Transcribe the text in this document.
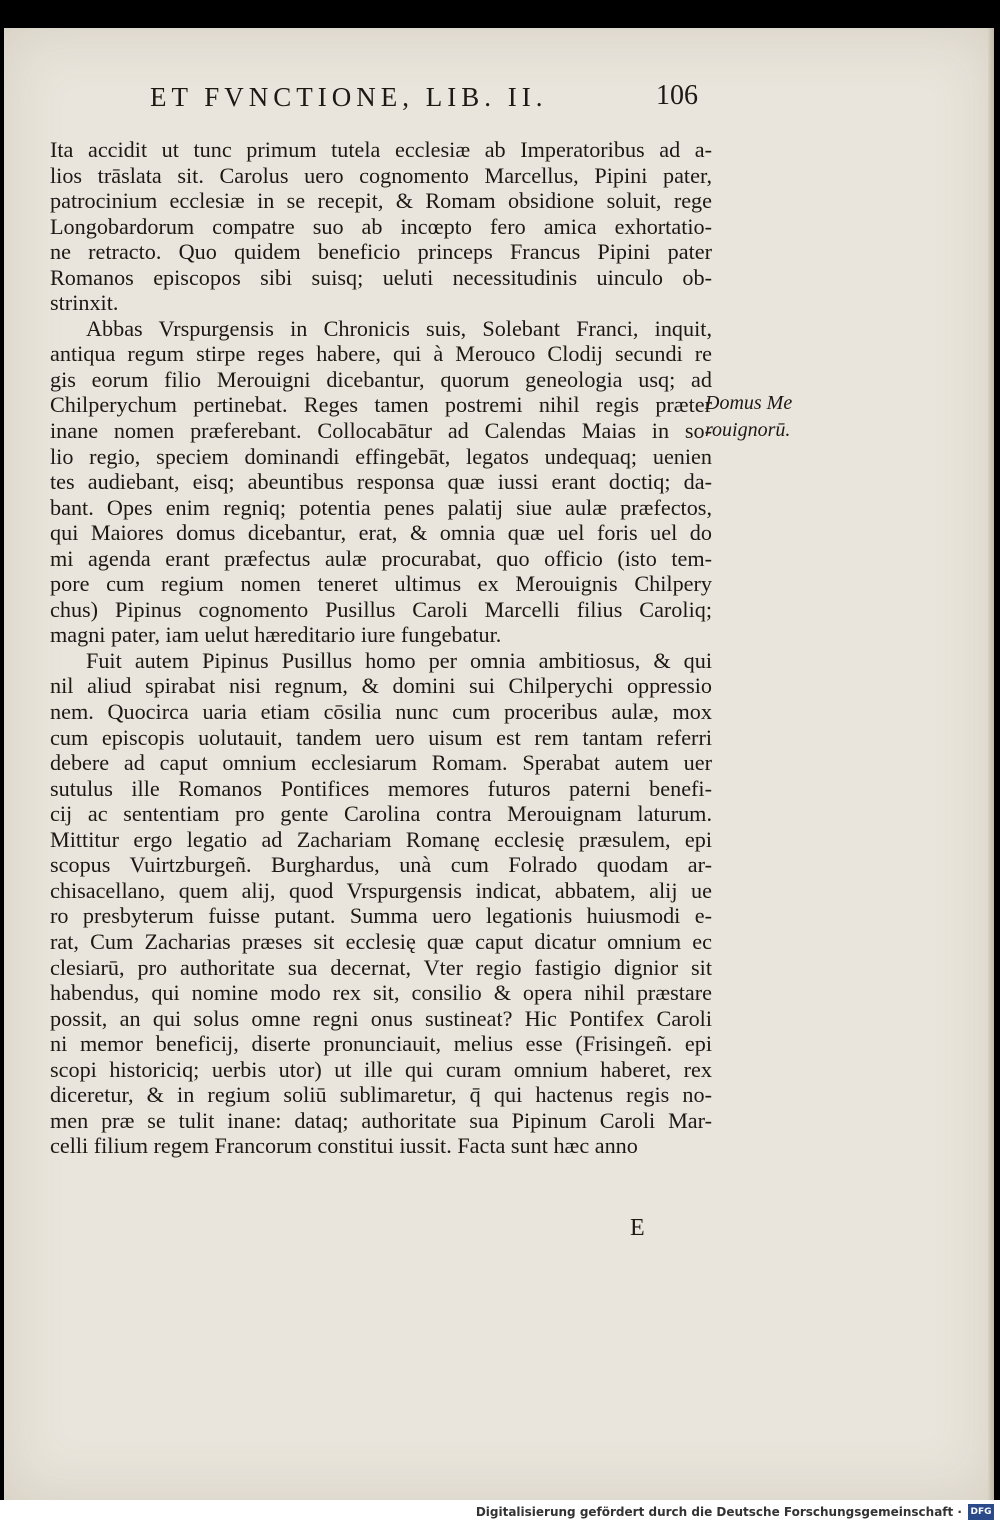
ET FVNCTIONE, LIB. II.	106
Ita accidit ut tunc primum tutela ecclesiæ ab Imperatoribus ad a-
lios trāslata sit. Carolus uero cognomento Marcellus, Pipini pater,
patrocinium ecclesiæ in se recepit, & Romam obsidione soluit, rege
Longobardorum compatre suo ab incœpto fero amica exhortatio-
ne retracto. Quo quidem beneficio princeps Francus Pipini pater
Romanos episcopos sibi suisq; ueluti necessitudinis uinculo ob-
strinxit.
Abbas Vrspurgensis in Chronicis suis, Solebant Franci, inquit,
antiqua regum stirpe reges habere, qui à Merouco Clodij secundi re
gis eorum filio Merouigni dicebantur, quorum geneologia usq; ad
Chilperychum pertinebat. Reges tamen postremi nihil regis præter
inane nomen præferebant. Collocabātur ad Calendas Maias in so-
lio regio, speciem dominandi effingebāt, legatos undequaq; uenien
tes audiebant, eisq; abeuntibus responsa quæ iussi erant doctiq; da-
bant. Opes enim regniq; potentia penes palatij siue aulæ præfectos,
qui Maiores domus dicebantur, erat, & omnia quæ uel foris uel do
mi agenda erant præfectus aulæ procurabat, quo officio (isto tem-
pore cum regium nomen teneret ultimus ex Merouignis Chilpery
chus) Pipinus cognomento Pusillus Caroli Marcelli filius Caroliq;
magni pater, iam uelut hæreditario iure fungebatur.
Fuit autem Pipinus Pusillus homo per omnia ambitiosus, & qui
nil aliud spirabat nisi regnum, & domini sui Chilperychi oppressio
nem. Quocirca uaria etiam cōsilia nunc cum proceribus aulæ, mox
cum episcopis uolutauit, tandem uero uisum est rem tantam referri
debere ad caput omnium ecclesiarum Romam. Sperabat autem uer
sutulus ille Romanos Pontifices memores futuros paterni benefi-
cij ac sententiam pro gente Carolina contra Merouignam laturum.
Mittitur ergo legatio ad Zachariam Romanę ecclesię præsulem, epi
scopus Vuirtzburgeñ. Burghardus, unà cum Folrado quodam ar-
chisacellano, quem alij, quod Vrspurgensis indicat, abbatem, alij ue
ro presbyterum fuisse putant. Summa uero legationis huiusmodi e-
rat, Cum Zacharias præses sit ecclesię quæ caput dicatur omnium ec
clesiarū, pro authoritate sua decernat, Vter regio fastigio dignior sit
habendus, qui nomine modo rex sit, consilio & opera nihil præstare
possit, an qui solus omne regni onus sustineat? Hic Pontifex Caroli
ni memor beneficij, diserte pronunciauit, melius esse (Frisingeñ. epi
scopi historiciq; uerbis utor) ut ille qui curam omnium haberet, rex
diceretur, & in regium soliū sublimaretur, q̄ qui hactenus regis no-
men præ se tulit inane: dataq; authoritate sua Pipinum Caroli Mar-
celli filium regem Francorum constitui iussit. Facta sunt hæc anno
Domus Me
rouignorū.
E
Digitalisierung gefördert durch die Deutsche Forschungsgemeinschaft · DFG
